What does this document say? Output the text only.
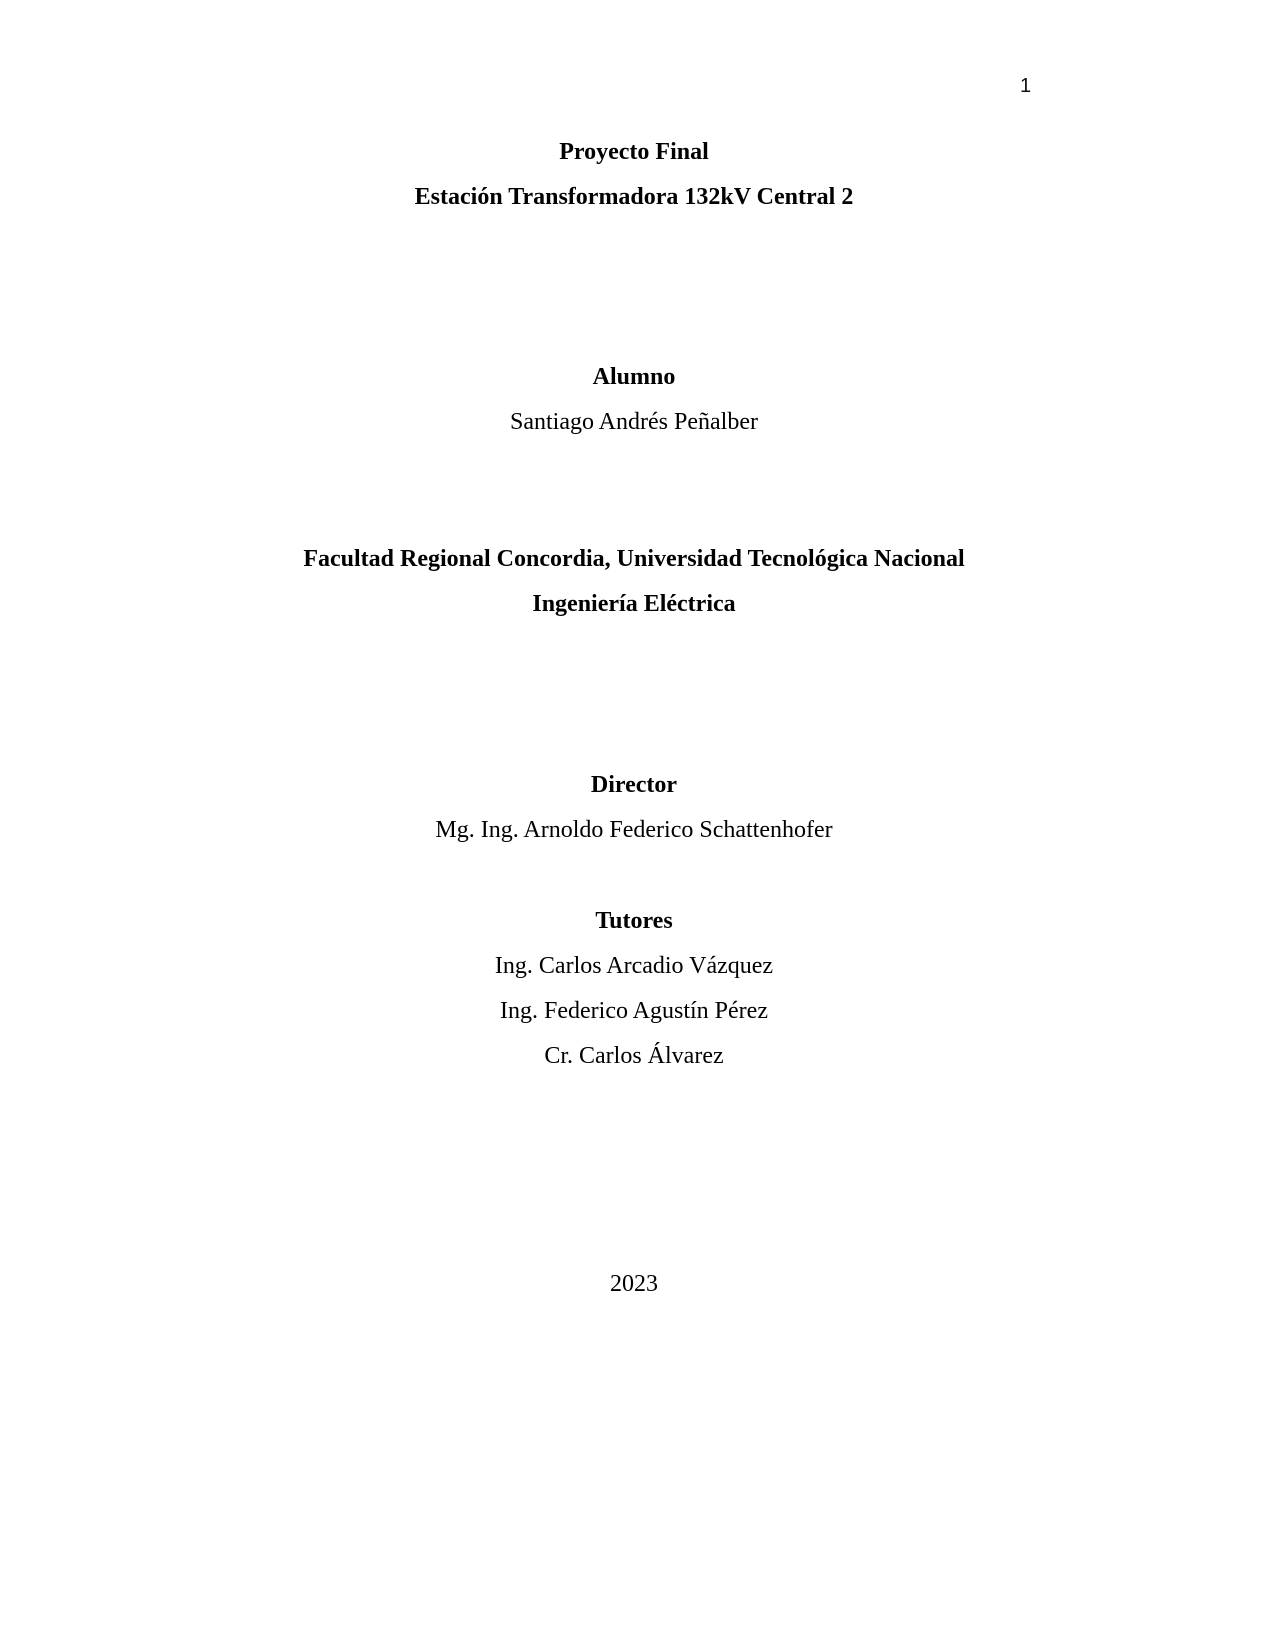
1
Proyecto Final
Estación Transformadora 132kV Central 2
Alumno
Santiago Andrés Peñalber
Facultad Regional Concordia, Universidad Tecnológica Nacional
Ingeniería Eléctrica
Director
Mg. Ing. Arnoldo Federico Schattenhofer
Tutores
Ing. Carlos Arcadio Vázquez
Ing. Federico Agustín Pérez
Cr. Carlos Álvarez
2023
